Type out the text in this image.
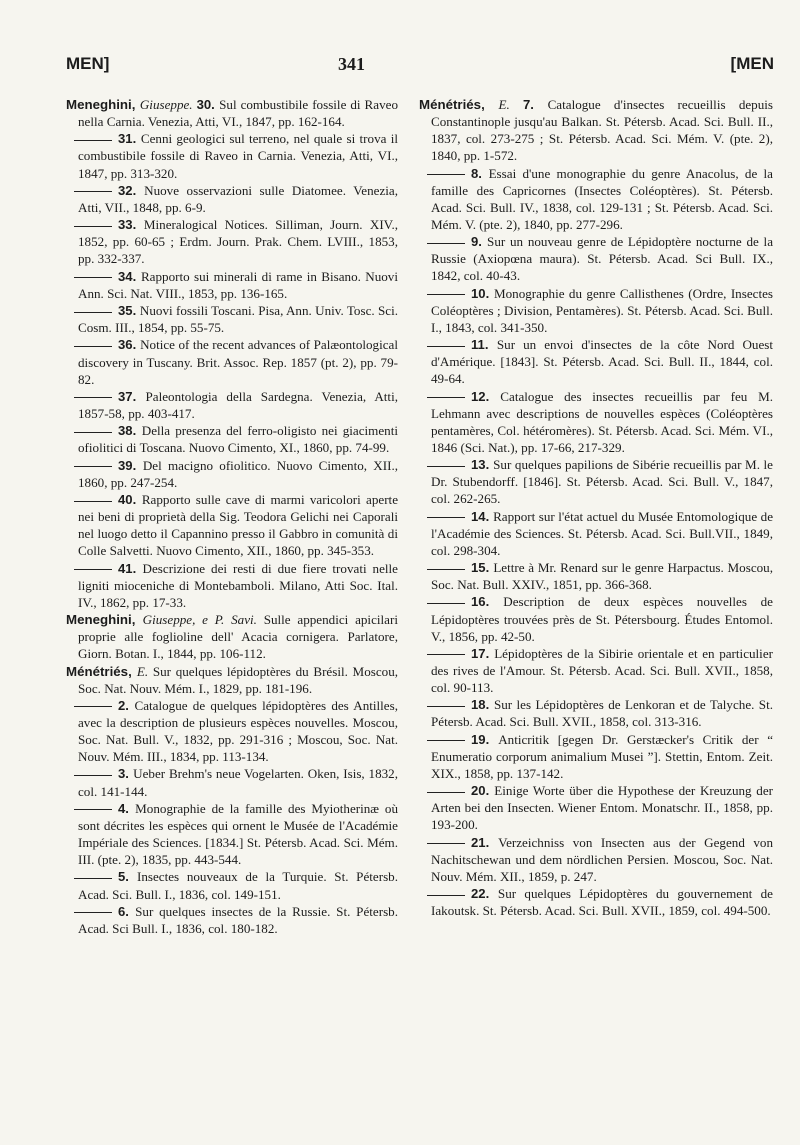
MEN]	341	[MEN
Meneghini, Giuseppe. 30. Sul combustibile fossile di Raveo nella Carnia. Venezia, Atti, VI., 1847, pp. 162-164.
31. Cenni geologici sul terreno, nel quale si trova il combustibile fossile di Raveo in Carnia. Venezia, Atti, VI., 1847, pp. 313-320.
32. Nuove osservazioni sulle Diatomee. Venezia, Atti, VII., 1848, pp. 6-9.
33. Mineralogical Notices. Silliman, Journ. XIV., 1852, pp. 60-65 ; Erdm. Journ. Prak. Chem. LVIII., 1853, pp. 332-337.
34. Rapporto sui minerali di rame in Bisano. Nuovi Ann. Sci. Nat. VIII., 1853, pp. 136-165.
35. Nuovi fossili Toscani. Pisa, Ann. Univ. Tosc. Sci. Cosm. III., 1854, pp. 55-75.
36. Notice of the recent advances of Palæontological discovery in Tuscany. Brit. Assoc. Rep. 1857 (pt. 2), pp. 79-82.
37. Paleontologia della Sardegna. Venezia, Atti, 1857-58, pp. 403-417.
38. Della presenza del ferro-oligisto nei giacimenti ofiolitici di Toscana. Nuovo Cimento, XI., 1860, pp. 74-99.
39. Del macigno ofiolitico. Nuovo Cimento, XII., 1860, pp. 247-254.
40. Rapporto sulle cave di marmi varicolori aperte nei beni di proprietà della Sig. Teodora Gelichi nei Caporali nel luogo detto il Capannino presso il Gabbro in comunità di Colle Salvetti. Nuovo Cimento, XII., 1860, pp. 345-353.
41. Descrizione dei resti di due fiere trovati nelle ligniti mioceniche di Montebamboli. Milano, Atti Soc. Ital. IV., 1862, pp. 17-33.
Meneghini, Giuseppe, e P. Savi. Sulle appendici apicilari proprie alle foglioline dell' Acacia cornigera. Parlatore, Giorn. Botan. I., 1844, pp. 106-112.
Ménétriés, E. Sur quelques lépidoptères du Brésil. Moscou, Soc. Nat. Nouv. Mém. I., 1829, pp. 181-196.
2. Catalogue de quelques lépidoptères des Antilles, avec la description de plusieurs espèces nouvelles. Moscou, Soc. Nat. Bull. V., 1832, pp. 291-316 ; Moscou, Soc. Nat. Nouv. Mém. III., 1834, pp. 113-134.
3. Ueber Brehm's neue Vogelarten. Oken, Isis, 1832, col. 141-144.
4. Monographie de la famille des Myiotherinæ où sont décrites les espèces qui ornent le Musée de l'Académie Impériale des Sciences. [1834.] St. Pétersb. Acad. Sci. Mém. III. (pte. 2), 1835, pp. 443-544.
5. Insectes nouveaux de la Turquie. St. Pétersb. Acad. Sci. Bull. I., 1836, col. 149-151.
6. Sur quelques insectes de la Russie. St. Pétersb. Acad. Sci Bull. I., 1836, col. 180-182.
Ménétriés, E. 7. Catalogue d'insectes recueillis depuis Constantinople jusqu'au Balkan. St. Pétersb. Acad. Sci. Bull. II., 1837, col. 273-275 ; St. Pétersb. Acad. Sci. Mém. V. (pte. 2), 1840, pp. 1-572.
8. Essai d'une monographie du genre Anacolus, de la famille des Capricornes (Insectes Coléoptères). St. Pétersb. Acad. Sci. Bull. IV., 1838, col. 129-131 ; St. Pétersb. Acad. Sci. Mém. V. (pte. 2), 1840, pp. 277-296.
9. Sur un nouveau genre de Lépidoptère nocturne de la Russie (Axiopœna maura). St. Pétersb. Acad. Sci Bull. IX., 1842, col. 40-43.
10. Monographie du genre Callisthenes (Ordre, Insectes Coléoptères ; Division, Pentamères). St. Pétersb. Acad. Sci. Bull. I., 1843, col. 341-350.
11. Sur un envoi d'insectes de la côte Nord Ouest d'Amérique. [1843]. St. Pétersb. Acad. Sci. Bull. II., 1844, col. 49-64.
12. Catalogue des insectes recueillis par feu M. Lehmann avec descriptions de nouvelles espèces (Coléoptères pentamères, Col. hétéromères). St. Pétersb. Acad. Sci. Mém. VI., 1846 (Sci. Nat.), pp. 17-66, 217-329.
13. Sur quelques papilions de Sibérie recueillis par M. le Dr. Stubendorff. [1846]. St. Pétersb. Acad. Sci. Bull. V., 1847, col. 262-265.
14. Rapport sur l'état actuel du Musée Entomologique de l'Académie des Sciences. St. Pétersb. Acad. Sci. Bull.VII., 1849, col. 298-304.
15. Lettre à Mr. Renard sur le genre Harpactus. Moscou, Soc. Nat. Bull. XXIV., 1851, pp. 366-368.
16. Description de deux espèces nouvelles de Lépidoptères trouvées près de St. Pétersbourg. Études Entomol. V., 1856, pp. 42-50.
17. Lépidoptères de la Sibirie orientale et en particulier des rives de l'Amour. St. Pétersb. Acad. Sci. Bull. XVII., 1858, col. 90-113.
18. Sur les Lépidoptères de Lenkoran et de Talyche. St. Pétersb. Acad. Sci. Bull. XVII., 1858, col. 313-316.
19. Anticritik [gegen Dr. Gerstæcker's Critik der “ Enumeratio corporum animalium Musei ”]. Stettin, Entom. Zeit. XIX., 1858, pp. 137-142.
20. Einige Worte über die Hypothese der Kreuzung der Arten bei den Insecten. Wiener Entom. Monatschr. II., 1858, pp. 193-200.
21. Verzeichniss von Insecten aus der Gegend von Nachitschewan und dem nördlichen Persien. Moscou, Soc. Nat. Nouv. Mém. XII., 1859, p. 247.
22. Sur quelques Lépidoptères du gouvernement de Iakoutsk. St. Pétersb. Acad. Sci. Bull. XVII., 1859, col. 494-500.
